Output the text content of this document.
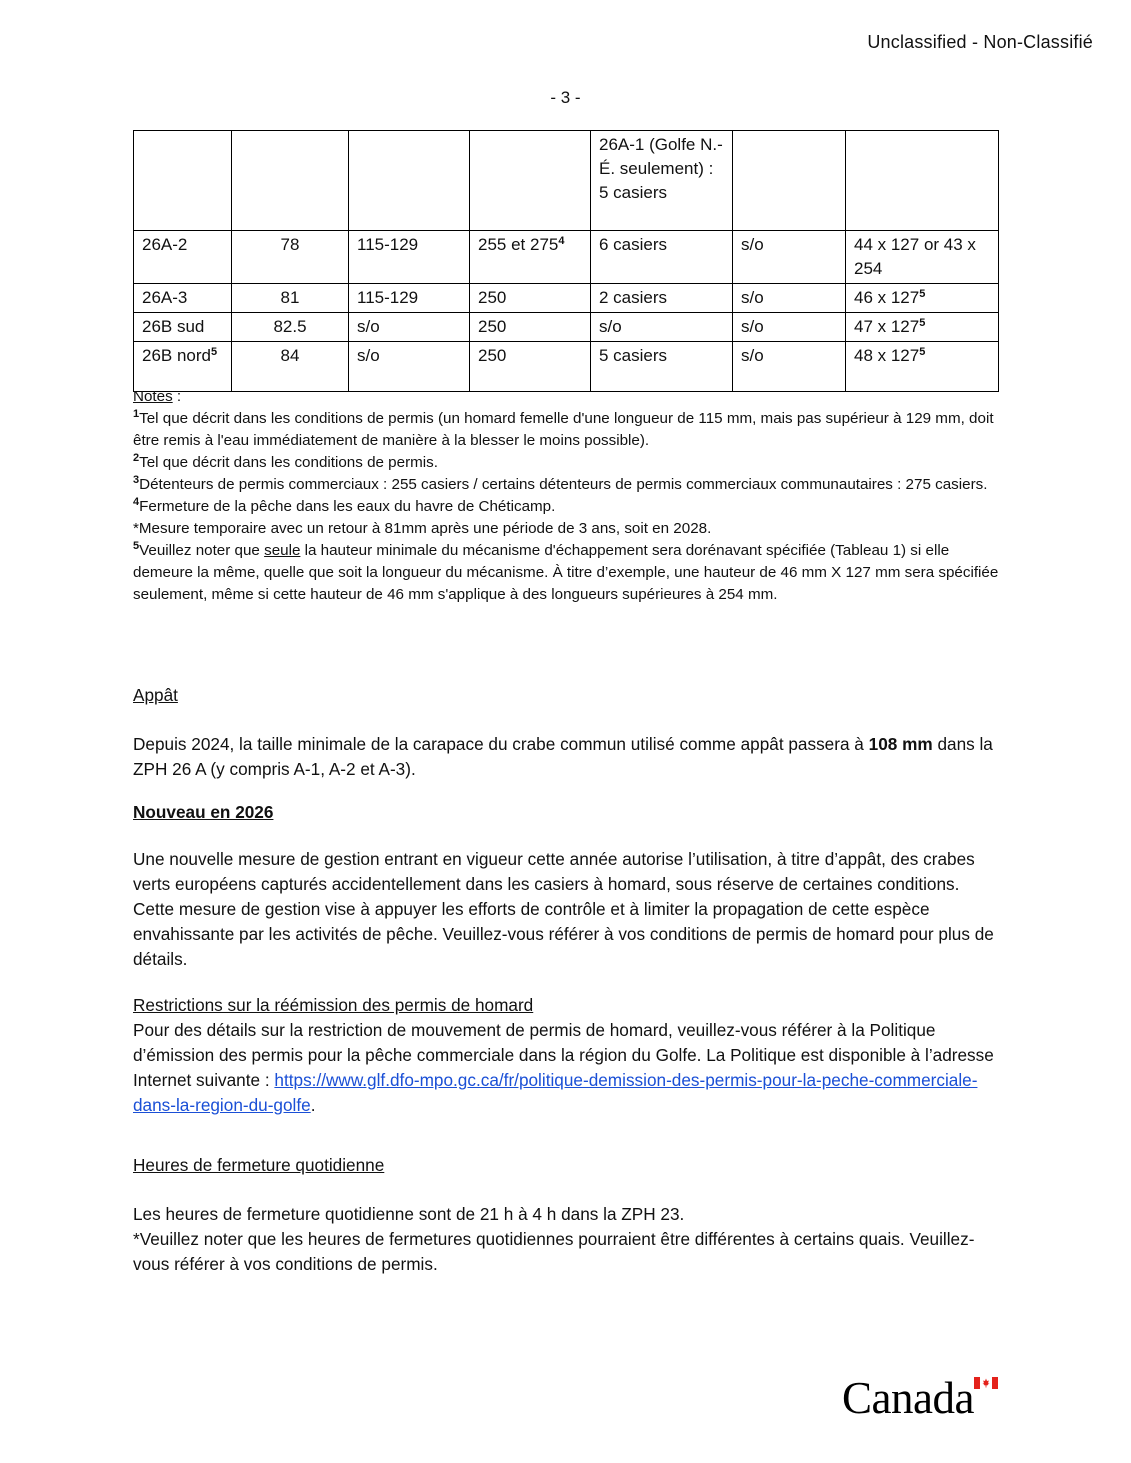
Unclassified - Non-Classifié
- 3 -
				26A-1 (Golfe N.-É. seulement) : 5 casiers		
26A-2	78	115-129	255 et $275^4$	6 casiers	s/o	44 x 127 or 43 x 254
26A-3	81	115-129	250	2 casiers	s/o	46 x $127^5$
26B sud	82.5	s/o	250	s/o	s/o	47 x $127^5$
26B nord$^5$	84	s/o	250	5 casiers	s/o	48 x $127^5$

Notes :

$^1$Tel que décrit dans les conditions de permis (un homard femelle d'une longueur de 115 mm, mais pas supérieur à 129 mm, doit être remis à l'eau immédiatement de manière à la blesser le moins possible).

$^2$Tel que décrit dans les conditions de permis.

$^3$Détenteurs de permis commerciaux : 255 casiers / certains détenteurs de permis commerciaux communautaires : 275 casiers.

$^4$Fermeture de la pêche dans les eaux du havre de Chéticamp.

*Mesure temporaire avec un retour à 81mm après une période de 3 ans, soit en 2028.

$^5$Veuillez noter que seule la hauteur minimale du mécanisme d'échappement sera dorénavant spécifiée (Tableau 1) si elle demeure la même, quelle que soit la longueur du mécanisme. À titre d’exemple, une hauteur de 46 mm X 127 mm sera spécifiée seulement, même si cette hauteur de 46 mm s'applique à des longueurs supérieures à 254 mm.

Appât

Depuis 2024, la taille minimale de la carapace du crabe commun utilisé comme appât passera à 108 mm dans la ZPH 26 A (y compris A-1, A-2 et A-3).

Nouveau en 2026

Une nouvelle mesure de gestion entrant en vigueur cette année autorise l’utilisation, à titre d’appât, des crabes verts européens capturés accidentellement dans les casiers à homard, sous réserve de certaines conditions. Cette mesure de gestion vise à appuyer les efforts de contrôle et à limiter la propagation de cette espèce envahissante par les activités de pêche. Veuillez-vous référer à vos conditions de permis de homard pour plus de détails.

Restrictions sur la réémission des permis de homard

Pour des détails sur la restriction de mouvement de permis de homard, veuillez-vous référer à la Politique d’émission des permis pour la pêche commerciale dans la région du Golfe. La Politique est disponible à l’adresse Internet suivante : https://www.glf.dfo-mpo.gc.ca/fr/politique-demission-des-permis-pour-la-peche-commerciale-dans-la-region-du-golfe.

Heures de fermeture quotidienne

Les heures de fermeture quotidienne sont de 21 h à 4 h dans la ZPH 23.

*Veuillez noter que les heures de fermetures quotidiennes pourraient être différentes à certains quais. Veuillez-vous référer à vos conditions de permis.

Canada
